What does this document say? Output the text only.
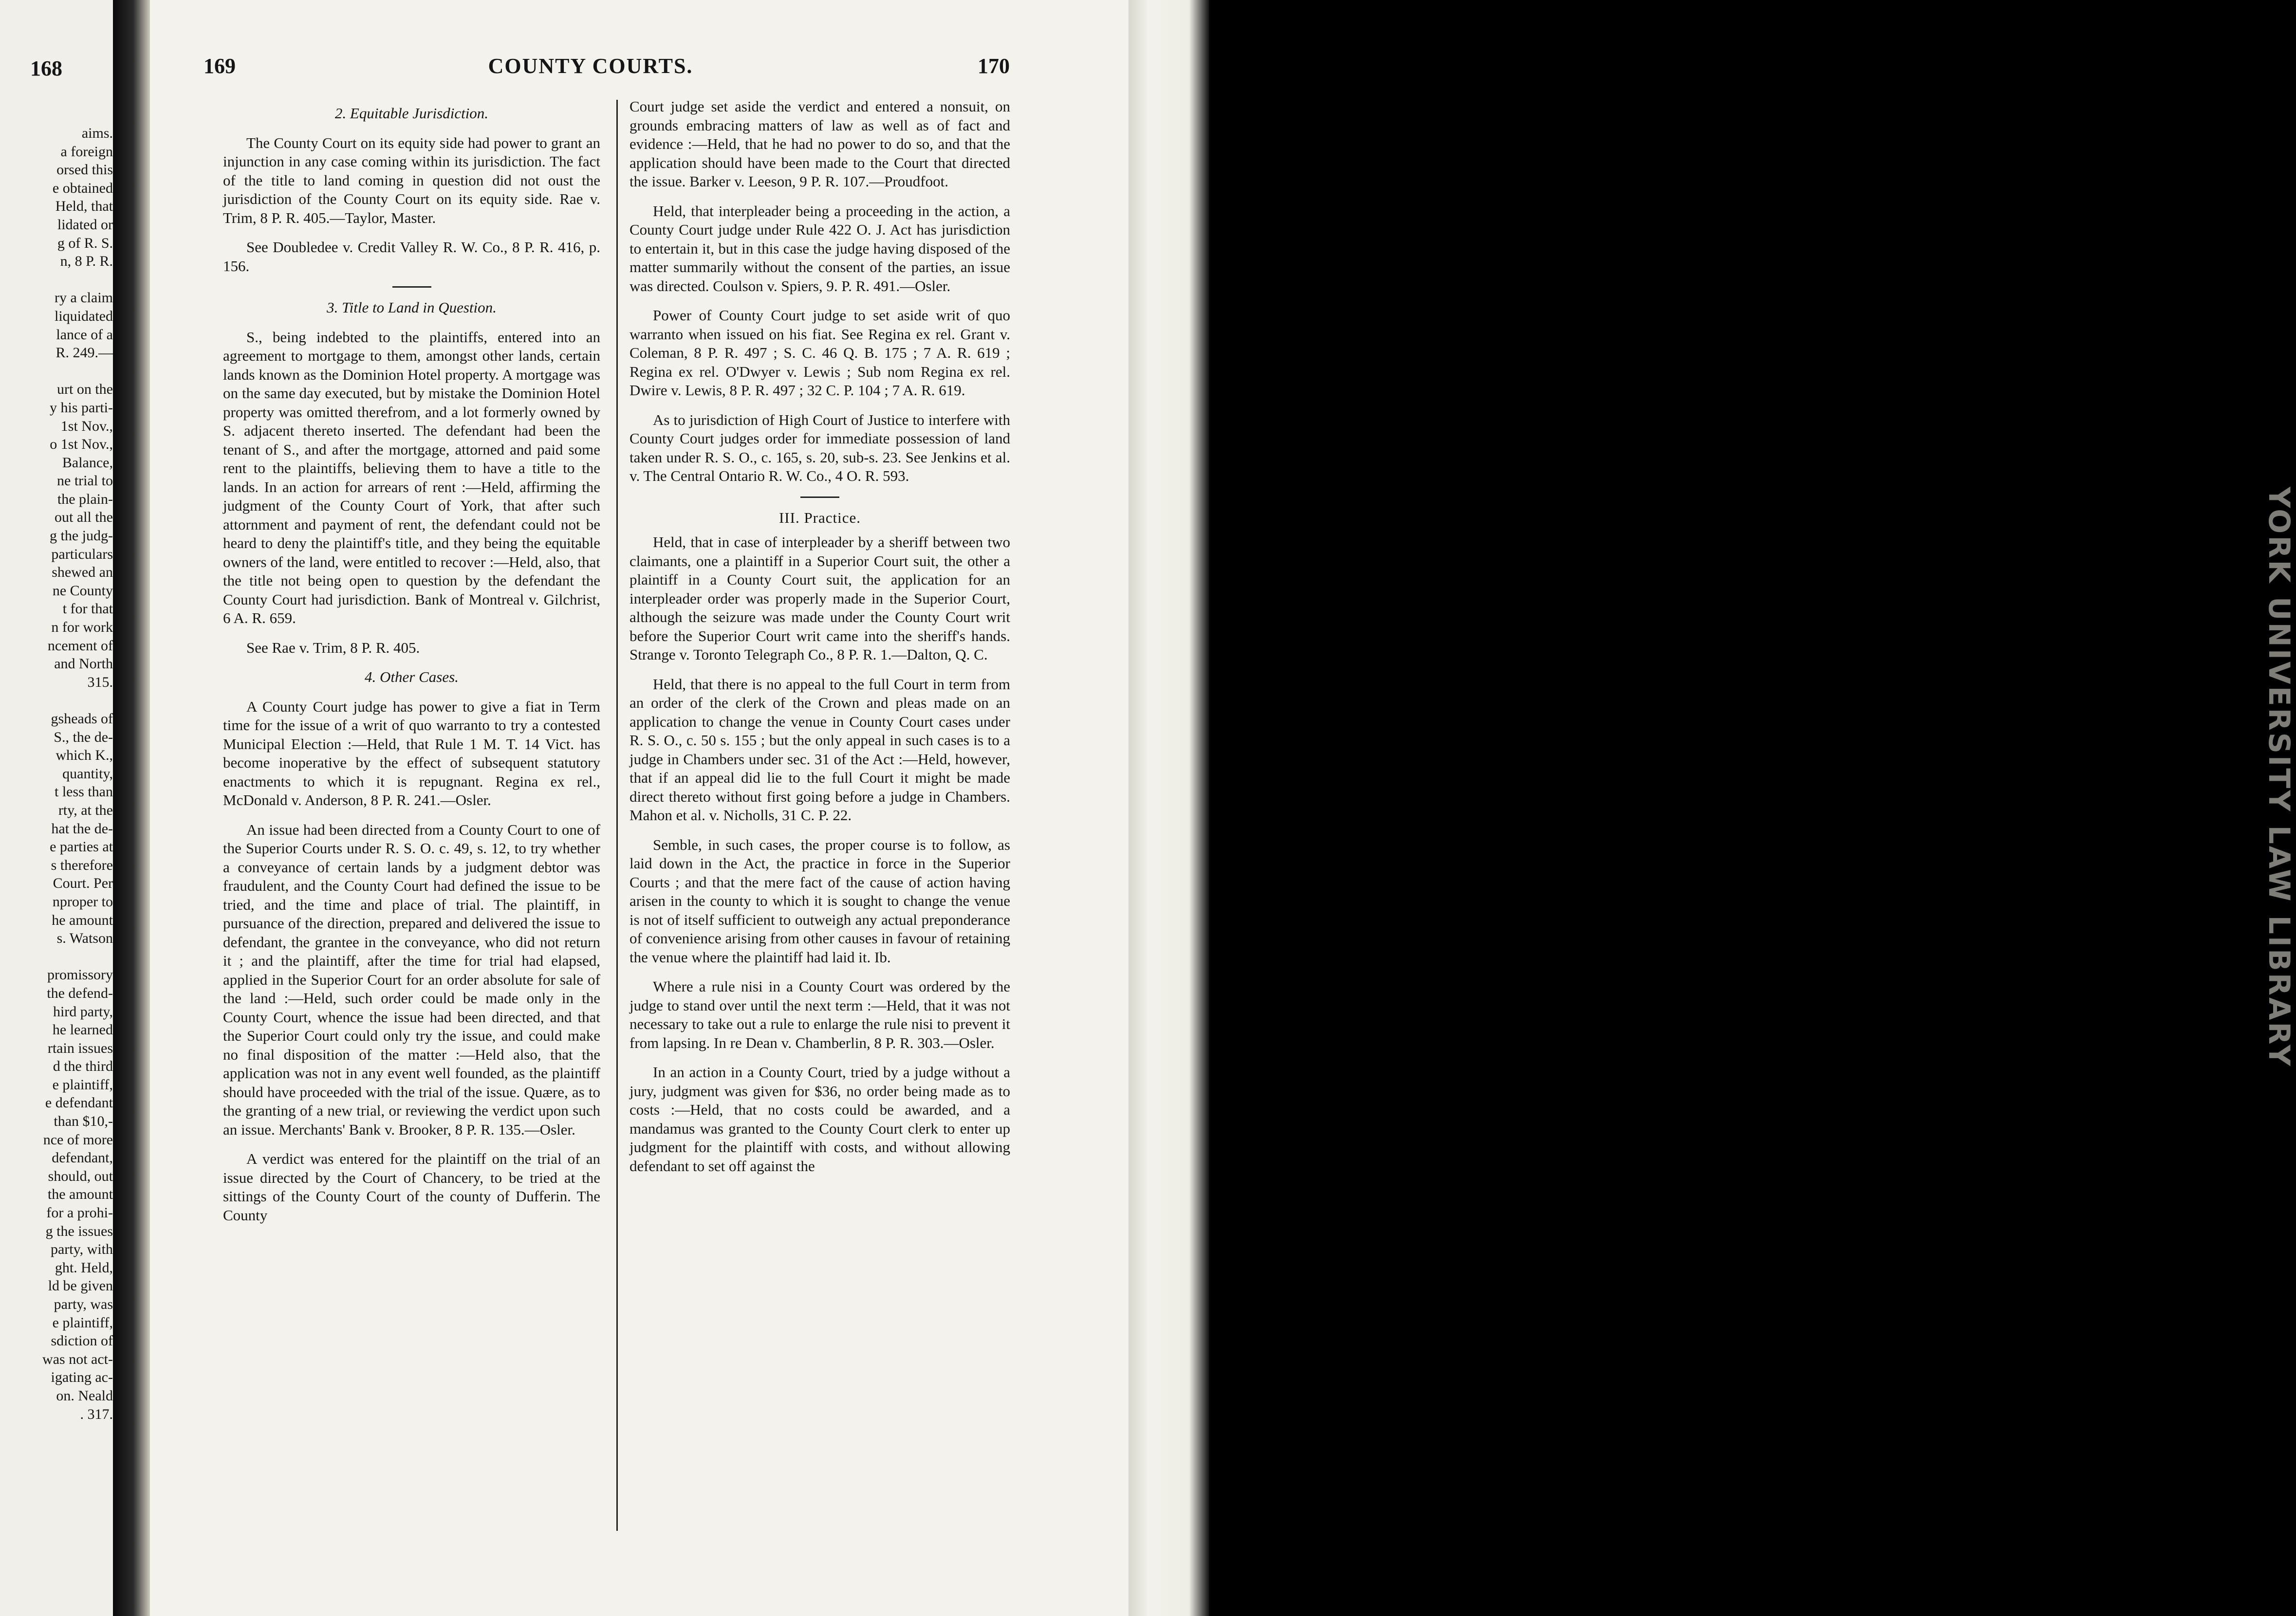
168
aims.
a foreign
orsed this
e obtained
Held, that
lidated or
g of R. S.
n, 8 P. R.

ry a claim
liquidated
lance of a
R. 249.—

urt on the
y his parti-
1st Nov.,
o 1st Nov.,
Balance,
ne trial to
the plain-
out all the
g the judg-
particulars
shewed an
ne County
t for that
n for work
ncement of
and North
315.

gsheads of
S., the de-
which K.,
quantity,
t less than
rty, at the
hat the de-
e parties at
s therefore
Court. Per
nproper to
he amount
s. Watson

promissory
the defend-
hird party,
he learned
rtain issues
d the third
e plaintiff,
e defendant
than $10,-
nce of more
defendant,
should, out
the amount
for a prohi-
g the issues
party, with
ght. Held,
ld be given
party, was
e plaintiff,
sdiction of
was not act-
igating ac-
on. Neald
. 317.
169	COUNTY COURTS.	170
2. Equitable Jurisdiction.

The County Court on its equity side had power to grant an injunction in any case coming within its jurisdiction. The fact of the title to land coming in question did not oust the jurisdiction of the County Court on its equity side. Rae v. Trim, 8 P. R. 405.—Taylor, Master.

See Doubledee v. Credit Valley R. W. Co., 8 P. R. 416, p. 156.

3. Title to Land in Question.

S., being indebted to the plaintiffs, entered into an agreement to mortgage to them, amongst other lands, certain lands known as the Dominion Hotel property. A mortgage was on the same day executed, but by mistake the Dominion Hotel property was omitted therefrom, and a lot formerly owned by S. adjacent thereto inserted. The defendant had been the tenant of S., and after the mortgage, attorned and paid some rent to the plaintiffs, believing them to have a title to the lands. In an action for arrears of rent :—Held, affirming the judgment of the County Court of York, that after such attornment and payment of rent, the defendant could not be heard to deny the plaintiff's title, and they being the equitable owners of the land, were entitled to recover :—Held, also, that the title not being open to question by the defendant the County Court had jurisdiction. Bank of Montreal v. Gilchrist, 6 A. R. 659.

See Rae v. Trim, 8 P. R. 405.

4. Other Cases.

A County Court judge has power to give a fiat in Term time for the issue of a writ of quo warranto to try a contested Municipal Election :—Held, that Rule 1 M. T. 14 Vict. has become inoperative by the effect of subsequent statutory enactments to which it is repugnant. Regina ex rel., McDonald v. Anderson, 8 P. R. 241.—Osler.

An issue had been directed from a County Court to one of the Superior Courts under R. S. O. c. 49, s. 12, to try whether a conveyance of certain lands by a judgment debtor was fraudulent, and the County Court had defined the issue to be tried, and the time and place of trial. The plaintiff, in pursuance of the direction, prepared and delivered the issue to defendant, the grantee in the conveyance, who did not return it ; and the plaintiff, after the time for trial had elapsed, applied in the Superior Court for an order absolute for sale of the land :—Held, such order could be made only in the County Court, whence the issue had been directed, and that the Superior Court could only try the issue, and could make no final disposition of the matter :—Held also, that the application was not in any event well founded, as the plaintiff should have proceeded with the trial of the issue. Quære, as to the granting of a new trial, or reviewing the verdict upon such an issue. Merchants' Bank v. Brooker, 8 P. R. 135.—Osler.

A verdict was entered for the plaintiff on the trial of an issue directed by the Court of Chancery, to be tried at the sittings of the County Court of the county of Dufferin. The County

Court judge set aside the verdict and entered a nonsuit, on grounds embracing matters of law as well as of fact and evidence :—Held, that he had no power to do so, and that the application should have been made to the Court that directed the issue. Barker v. Leeson, 9 P. R. 107.—Proudfoot.

Held, that interpleader being a proceeding in the action, a County Court judge under Rule 422 O. J. Act has jurisdiction to entertain it, but in this case the judge having disposed of the matter summarily without the consent of the parties, an issue was directed. Coulson v. Spiers, 9. P. R. 491.—Osler.

Power of County Court judge to set aside writ of quo warranto when issued on his fiat. See Regina ex rel. Grant v. Coleman, 8 P. R. 497 ; S. C. 46 Q. B. 175 ; 7 A. R. 619 ; Regina ex rel. O'Dwyer v. Lewis ; Sub nom Regina ex rel. Dwire v. Lewis, 8 P. R. 497 ; 32 C. P. 104 ; 7 A. R. 619.

As to jurisdiction of High Court of Justice to interfere with County Court judges order for immediate possession of land taken under R. S. O., c. 165, s. 20, sub-s. 23. See Jenkins et al. v. The Central Ontario R. W. Co., 4 O. R. 593.

III. Practice.

Held, that in case of interpleader by a sheriff between two claimants, one a plaintiff in a Superior Court suit, the other a plaintiff in a County Court suit, the application for an interpleader order was properly made in the Superior Court, although the seizure was made under the County Court writ before the Superior Court writ came into the sheriff's hands. Strange v. Toronto Telegraph Co., 8 P. R. 1.—Dalton, Q. C.

Held, that there is no appeal to the full Court in term from an order of the clerk of the Crown and pleas made on an application to change the venue in County Court cases under R. S. O., c. 50 s. 155 ; but the only appeal in such cases is to a judge in Chambers under sec. 31 of the Act :—Held, however, that if an appeal did lie to the full Court it might be made direct thereto without first going before a judge in Chambers. Mahon et al. v. Nicholls, 31 C. P. 22.

Semble, in such cases, the proper course is to follow, as laid down in the Act, the practice in force in the Superior Courts ; and that the mere fact of the cause of action having arisen in the county to which it is sought to change the venue is not of itself sufficient to outweigh any actual preponderance of convenience arising from other causes in favour of retaining the venue where the plaintiff had laid it. Ib.

Where a rule nisi in a County Court was ordered by the judge to stand over until the next term :—Held, that it was not necessary to take out a rule to enlarge the rule nisi to prevent it from lapsing. In re Dean v. Chamberlin, 8 P. R. 303.—Osler.

In an action in a County Court, tried by a judge without a jury, judgment was given for $36, no order being made as to costs :—Held, that no costs could be awarded, and a mandamus was granted to the County Court clerk to enter up judgment for the plaintiff with costs, and without allowing defendant to set off against the

YORK UNIVERSITY LAW LIBRARY
